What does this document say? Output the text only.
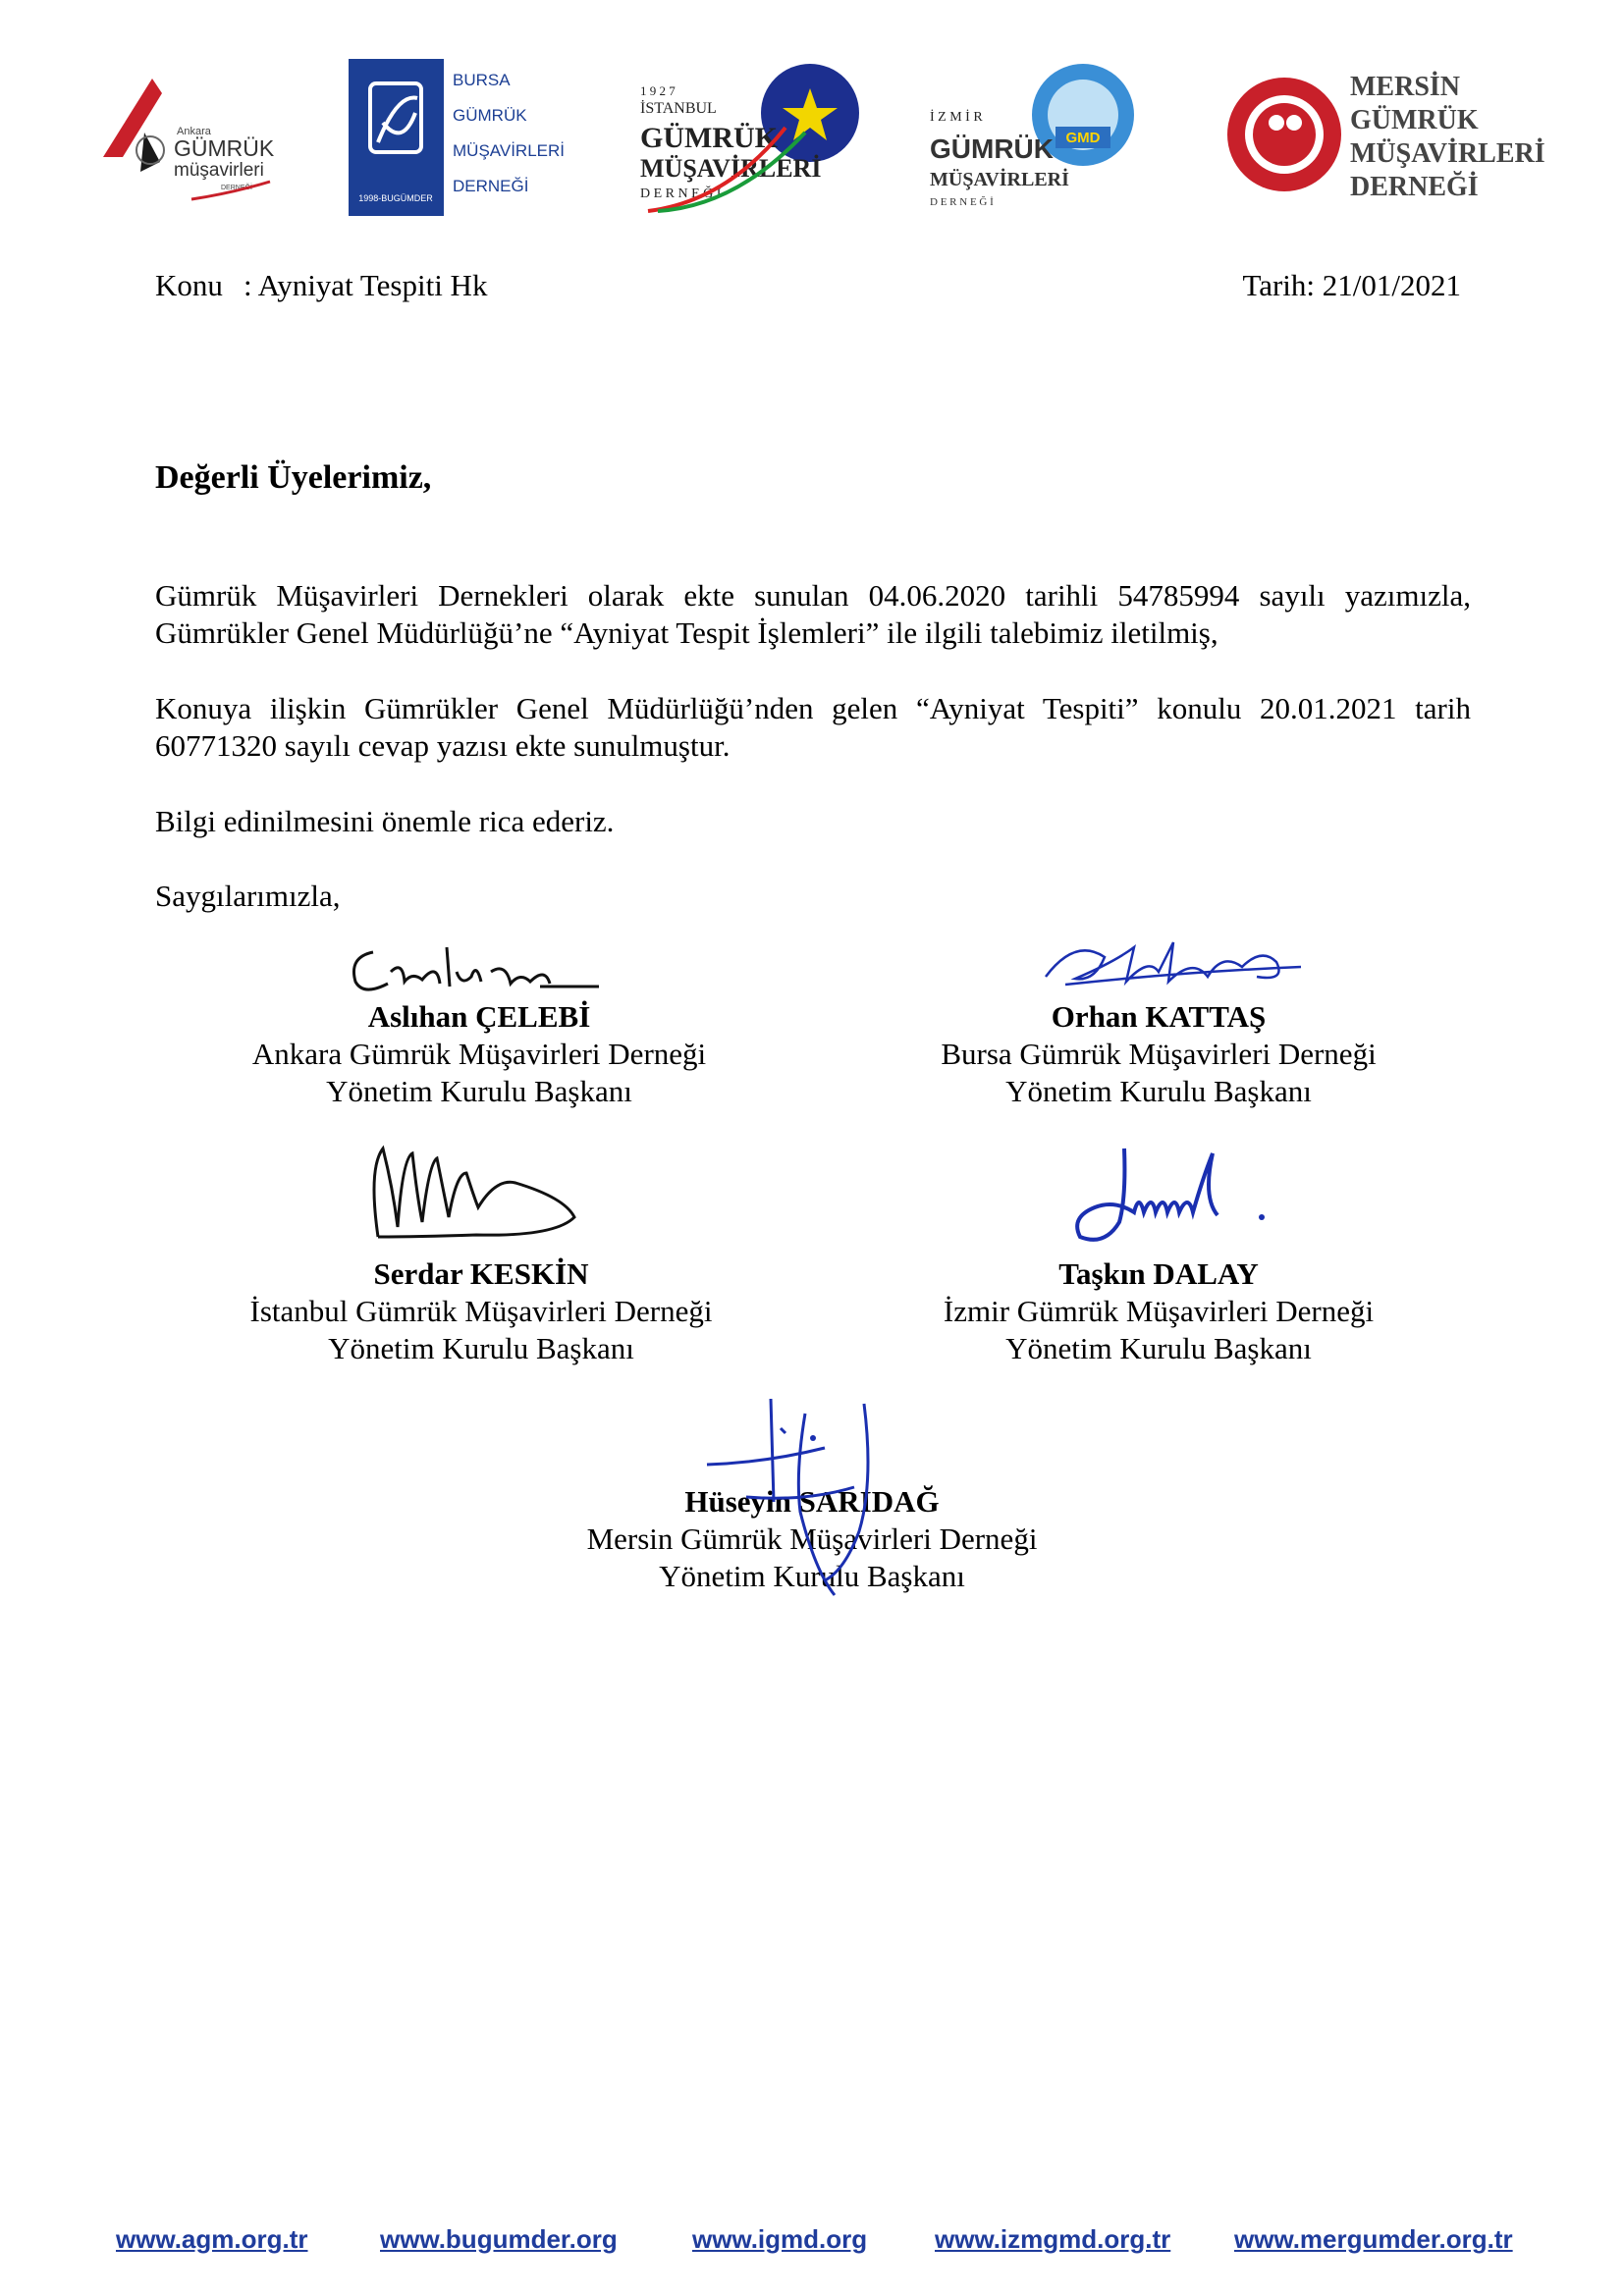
Ankara
GÜMRÜK
müşavirleri
DERNEĞİ
1998-BUGÜMDER
BURSA
GÜMRÜK
MÜŞAVİRLERİ
DERNEĞİ
1 9 2 7
İSTANBUL
GÜMRÜK
MÜŞAVİRLERİ
D E R N E Ğ İ
GMD
İ Z M İ R
GÜMRÜK
MÜŞAVİRLERİ
D E R N E Ğ İ
MERSİN
GÜMRÜK
MÜŞAVİRLERİ
DERNEĞİ
Konu : Ayniyat Tespiti Hk	Tarih: 21/01/2021
Değerli Üyelerimiz,
Gümrük Müşavirleri Dernekleri olarak ekte sunulan 04.06.2020 tarihli 54785994 sayılı yazımızla,
Gümrükler Genel Müdürlüğü’ne “Ayniyat Tespit İşlemleri” ile ilgili talebimiz iletilmiş,
Konuya ilişkin Gümrükler Genel Müdürlüğü’nden gelen “Ayniyat Tespiti” konulu 20.01.2021 tarih
60771320 sayılı cevap yazısı ekte sunulmuştur.
Bilgi edinilmesini önemle rica ederiz.
Saygılarımızla,
Aslıhan ÇELEBİ
Ankara Gümrük Müşavirleri Derneği
Yönetim Kurulu Başkanı
Orhan KATTAŞ
Bursa Gümrük Müşavirleri Derneği
Yönetim Kurulu Başkanı
Serdar KESKİN
İstanbul Gümrük Müşavirleri Derneği
Yönetim Kurulu Başkanı
Taşkın DALAY
İzmir Gümrük Müşavirleri Derneği
Yönetim Kurulu Başkanı
Hüseyin SARIDAĞ
Mersin Gümrük Müşavirleri Derneği
Yönetim Kurulu Başkanı
www.agm.org.tr	www.bugumder.org	www.igmd.org	www.izmgmd.org.tr www.mergumder.org.tr
